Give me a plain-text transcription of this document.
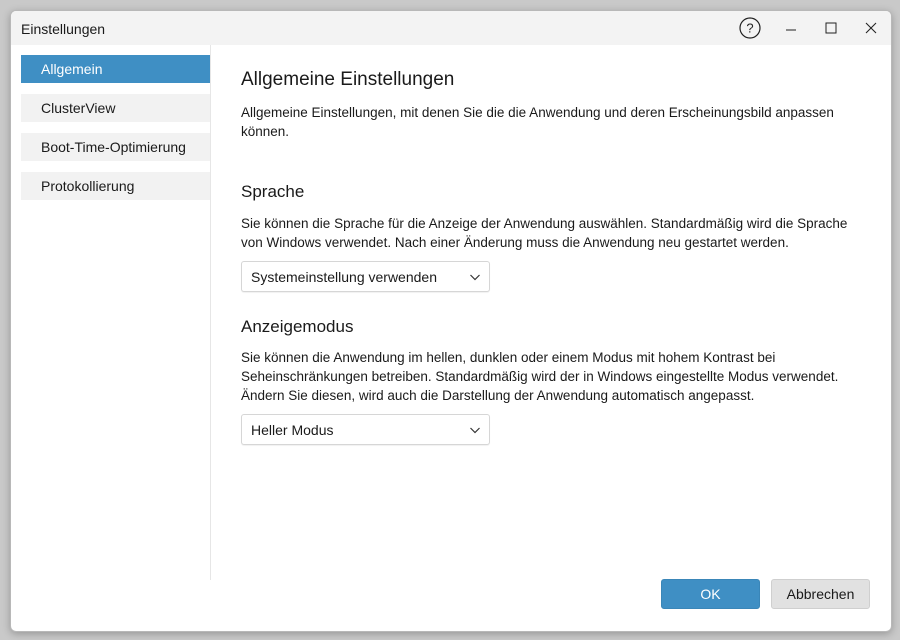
Einstellungen	?
Allgemein
ClusterView
Boot-Time-Optimierung
Protokollierung
Allgemeine Einstellungen
Allgemeine Einstellungen, mit denen Sie die die Anwendung und deren Erscheinungsbild anpassen können.
Sprache
Sie können die Sprache für die Anzeige der Anwendung auswählen. Standardmäßig wird die Sprache von Windows verwendet. Nach einer Änderung muss die Anwendung neu gestartet werden.
Systemeinstellung verwenden
Anzeigemodus
Sie können die Anwendung im hellen, dunklen oder einem Modus mit hohem Kontrast bei Seheinschränkungen betreiben. Standardmäßig wird der in Windows eingestellte Modus verwendet. Ändern Sie diesen, wird auch die Darstellung der Anwendung automatisch angepasst.
Heller Modus
OK	Abbrechen
